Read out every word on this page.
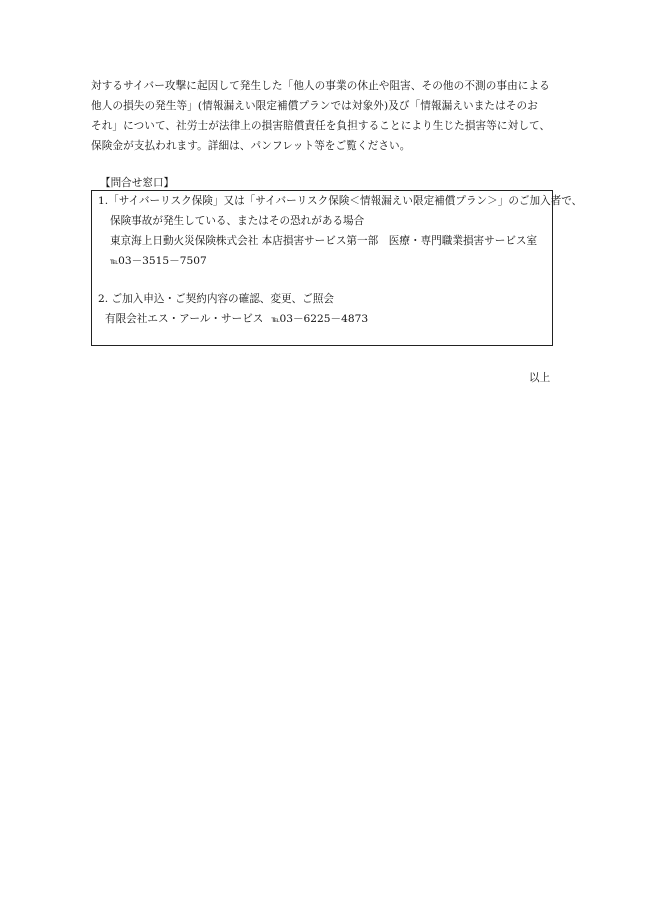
対するサイバー攻撃に起因して発生した「他人の事業の休止や阻害、その他の不測の事由による
他人の損失の発生等」(情報漏えい限定補償プランでは対象外)及び「情報漏えいまたはそのお
それ」について、社労士が法律上の損害賠償責任を負担することにより生じた損害等に対して、
保険金が支払われます。詳細は、パンフレット等をご覧ください。
【問合せ窓口】
1.「サイバーリスク保険」又は「サイバーリスク保険＜情報漏えい限定補償プラン＞」のご加入者で、
保険事故が発生している、またはその恐れがある場合
東京海上日動火災保険株式会社 本店損害サービス第一部　医療・専門職業損害サービス室
℡03－3515－7507
2. ご加入申込・ご契約内容の確認、変更、ご照会
有限会社エス・アール・サービス ℡03－6225－4873
以上
